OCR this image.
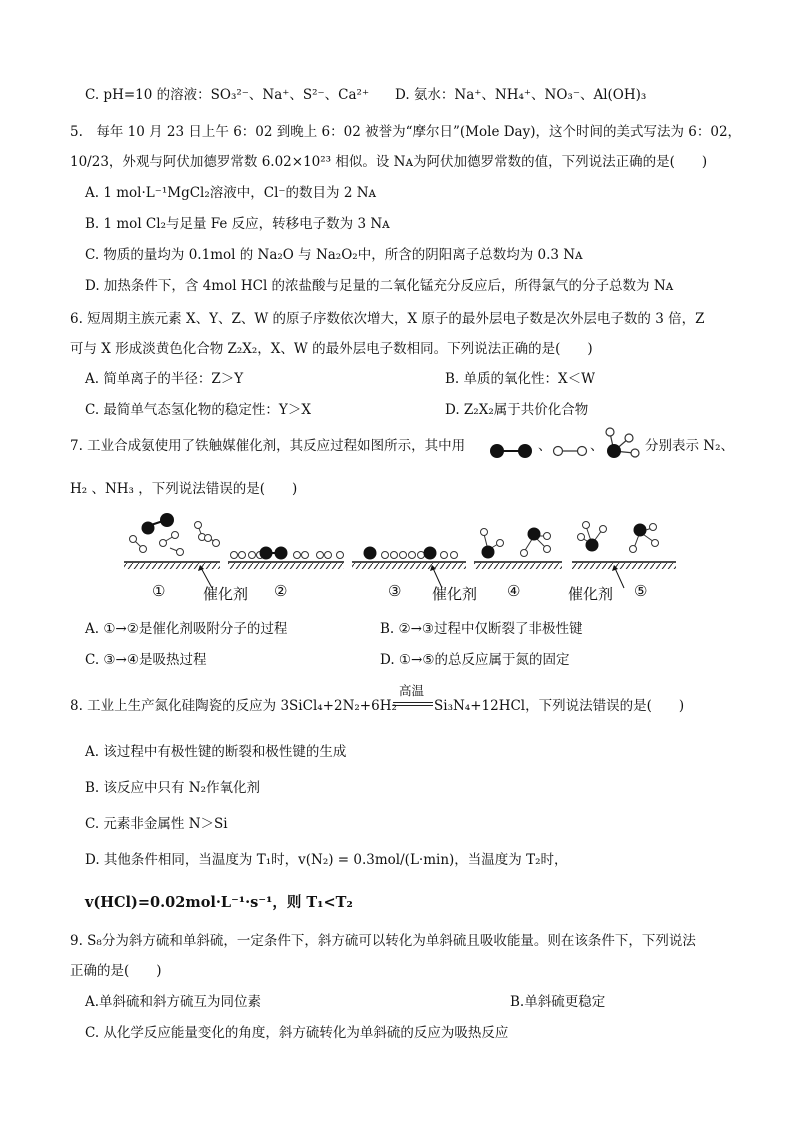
C. pH=10 的溶液：SO₃²⁻、Na⁺、S²⁻、Ca²⁺ D. 氨水：Na⁺、NH₄⁺、NO₃⁻、Al(OH)₃
5.　每年 10 月 23 日上午 6：02 到晚上 6：02 被誉为“摩尔日”(Mole Day)，这个时间的美式写法为 6：02，
10/23，外观与阿伏加德罗常数 6.02×10²³ 相似。设 Nᴀ为阿伏加德罗常数的值，下列说法正确的是(　　)
A. 1 mol·L⁻¹MgCl₂溶液中，Cl⁻的数目为 2 Nᴀ
B. 1 mol Cl₂与足量 Fe 反应，转移电子数为 3 Nᴀ
C. 物质的量均为 0.1mol 的 Na₂O 与 Na₂O₂中，所含的阴阳离子总数均为 0.3 Nᴀ
D. 加热条件下，含 4mol HCl 的浓盐酸与足量的二氧化锰充分反应后，所得氯气的分子总数为 Nᴀ
6. 短周期主族元素 X、Y、Z、W 的原子序数依次增大，X 原子的最外层电子数是次外层电子数的 3 倍，Z
可与 X 形成淡黄色化合物 Z₂X₂，X、W 的最外层电子数相同。下列说法正确的是(　　)
A. 简单离子的半径：Z＞Y	B. 单质的氧化性：X＜W
C. 最简单气态氢化物的稳定性：Y＞X	D. Z₂X₂属于共价化合物
7. 工业合成氨使用了铁触媒催化剂，其反应过程如图所示，其中用	、	、	分别表示 N₂、
H₂ 、NH₃ ，下列说法错误的是(　　)
①	催化剂 ②	③ 催化剂 ④	催化剂 ⑤
A. ①→②是催化剂吸附分子的过程	B. ②→③过程中仅断裂了非极性键
C. ③→④是吸热过程	D. ①→⑤的总反应属于氮的固定
高温
8. 工业上生产氮化硅陶瓷的反应为 3SiCl₄+2N₂+6H₂	Si₃N₄+12HCl，下列说法错误的是(　　)
A. 该过程中有极性键的断裂和极性键的生成
B. 该反应中只有 N₂作氧化剂
C. 元素非金属性 N＞Si
D. 其他条件相同，当温度为 T₁时，v(N₂) = 0.3mol/(L·min)，当温度为 T₂时，
v(HCl)=0.02mol·L⁻¹·s⁻¹，则 T₁<T₂
9. S₈分为斜方硫和单斜硫，一定条件下，斜方硫可以转化为单斜硫且吸收能量。则在该条件下，下列说法
正确的是(　　)
A.单斜硫和斜方硫互为同位素	B.单斜硫更稳定
C. 从化学反应能量变化的角度，斜方硫转化为单斜硫的反应为吸热反应
